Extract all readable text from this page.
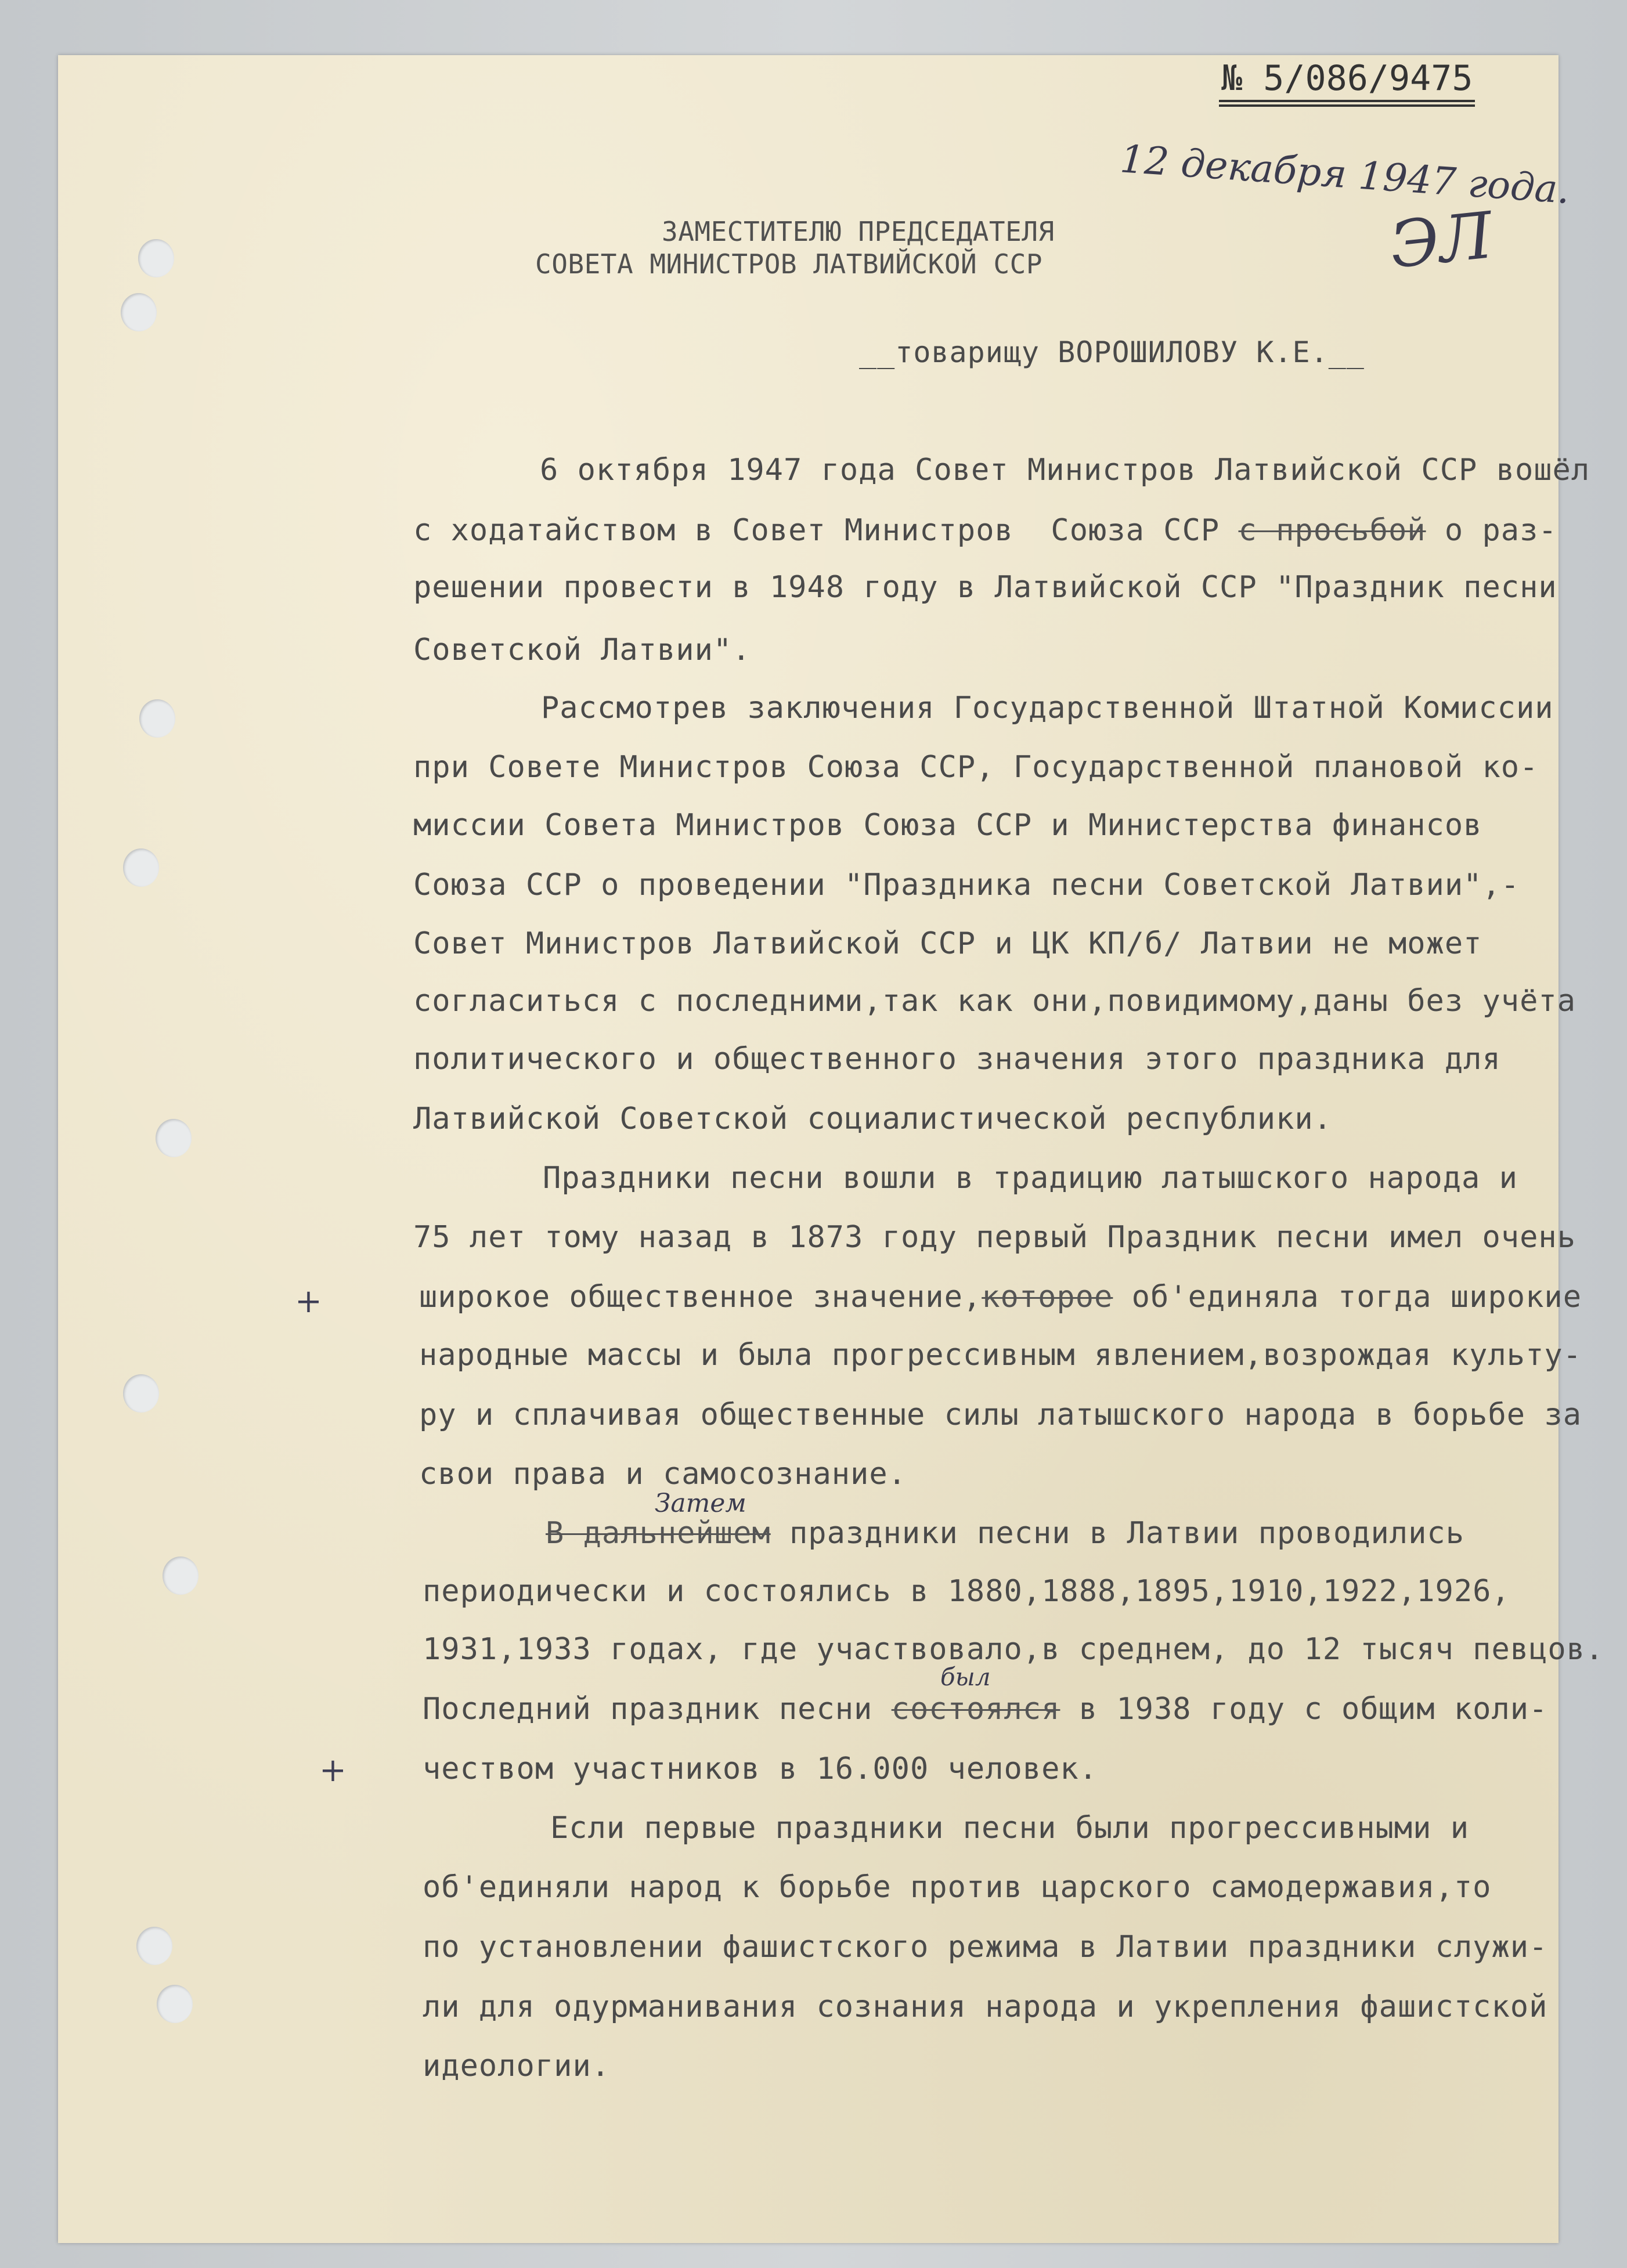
№ 5/086/9475
12 декабря 1947 года.
ЭЛ
ЗАМЕСТИТЕЛЮ ПРЕДСЕДАТЕЛЯ
СОВЕТА МИНИСТРОВ ЛАТВИЙСКОЙ ССР
__ товарищу ВОРОШИЛОВУ К.Е. __
+
+
Затем
был
6 октября 1947 года Совет Министров Латвийской ССР вошёл
с ходатайством в Совет Министров  Союза ССР с просьбой о раз-
решении провести в 1948 году в Латвийской ССР "Праздник песни
Советской Латвии".
Рассмотрев заключения Государственной Штатной Комиссии
при Совете Министров Союза ССР, Государственной плановой ко-
миссии Совета Министров Союза ССР и Министерства финансов
Союза ССР о проведении "Праздника песни Советской Латвии",-
Совет Министров Латвийской ССР и ЦК КП/б/ Латвии не может
согласиться с последними,так как они,повидимому,даны без учёта
политического и общественного значения этого праздника для
Латвийской Советской социалистической республики.
Праздники песни вошли в традицию латышского народа и
75 лет тому назад в 1873 году первый Праздник песни имел очень
широкое общественное значение,которое об'единяла тогда широкие
народные массы и была прогрессивным явлением,возрождая культу-
ру и сплачивая общественные силы латышского народа в борьбе за
свои права и самосознание.
В дальнейшем праздники песни в Латвии проводились
периодически и состоялись в 1880,1888,1895,1910,1922,1926,
1931,1933 годах, где участвовало,в среднем, до 12 тысяч певцов.
Последний праздник песни состоялся в 1938 году с общим коли-
чеством участников в 16.000 человек.
Если первые праздники песни были прогрессивными и
об'единяли народ к борьбе против царского самодержавия,то
по установлении фашистского режима в Латвии праздники служи-
ли для одурманивания сознания народа и укрепления фашистской
идеологии.
